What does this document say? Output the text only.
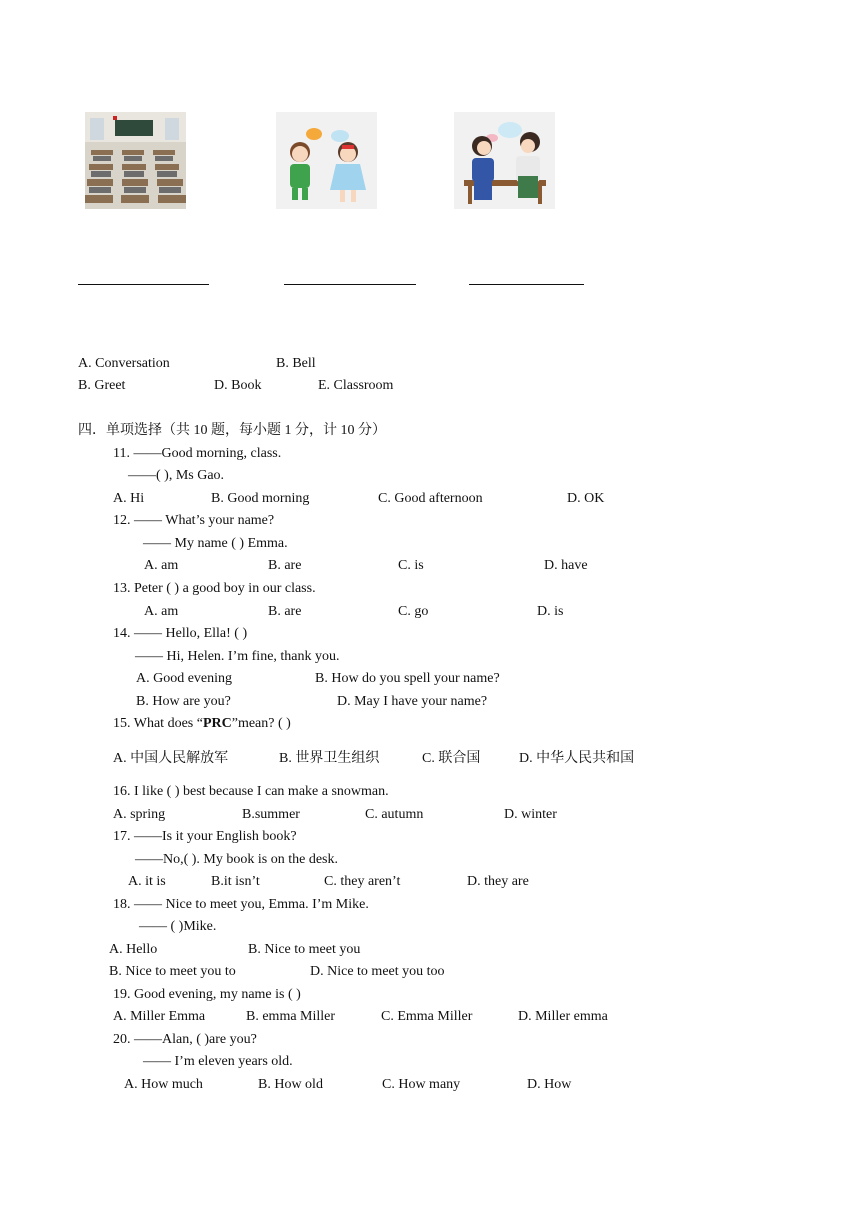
A. Conversation	B. Bell
B. Greet	D. Book	E. Classroom
四．单项选择（共 10 题，每小题 1 分，计 10 分）
11. ——Good morning, class.
——( ), Ms Gao.
A. Hi	B. Good morning	C. Good afternoon	D. OK
12. —— What’s your name?
—— My name ( ) Emma.
A. am	B. are	C. is	D. have
13. Peter ( ) a good boy in our class.
A. am	B. are	C. go	D. is
14. —— Hello, Ella! ( )
—— Hi, Helen. I’m fine, thank you.
A. Good evening	B. How do you spell your name?
B. How are you?	D. May I have your name?
15. What does “PRC”mean? ( )
A. 中国人民解放军	B. 世界卫生组织	C. 联合国	D. 中华人民共和国
16. I like ( ) best because I can make a snowman.
A. spring	B.summer	C. autumn	D. winter
17. ——Is it your English book?
——No,( ). My book is on the desk.
A. it is	B.it isn’t	C. they aren’t	D. they are
18. —— Nice to meet you, Emma. I’m Mike.
—— ( )Mike.
A. Hello	B. Nice to meet you
B. Nice to meet you to	D. Nice to meet you too
19. Good evening, my name is ( )
A. Miller Emma	B. emma Miller	C. Emma Miller	D. Miller emma
20. ——Alan, ( )are you?
—— I’m eleven years old.
A. How much	B. How old	C. How many	D. How
